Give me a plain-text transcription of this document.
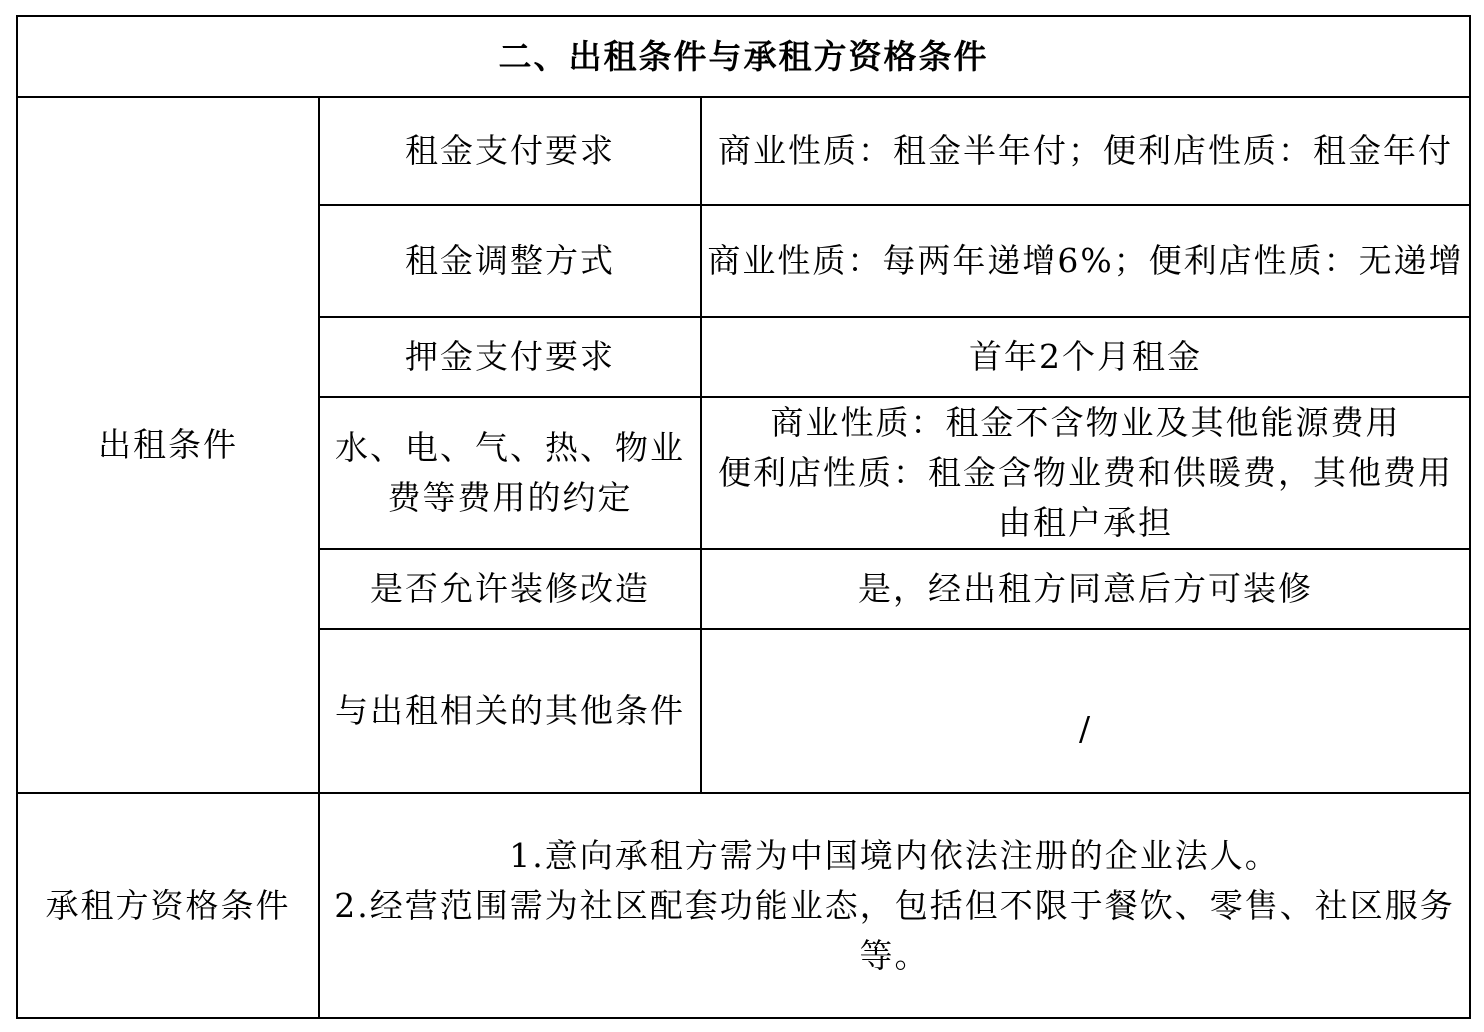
二、出租条件与承租方资格条件		
出租条件	租金支付要求	商业性质：租金半年付；便利店性质：租金年付
	租金调整方式	商业性质：每两年递增6%；便利店性质：无递增
	押金支付要求	首年2个月租金
	水、电、气、热、物业费等费用的约定	商业性质：租金不含物业及其他能源费用
便利店性质：租金含物业费和供暖费，其他费用由租户承担

	是否允许装修改造	是，经出租方同意后方可装修
	与出租相关的其他条件	/
承租方资格条件	1.意向承租方需为中国境内依法注册的企业法人。
2.经营范围需为社区配套功能业态，包括但不限于餐饮、零售、社区服务等。	
